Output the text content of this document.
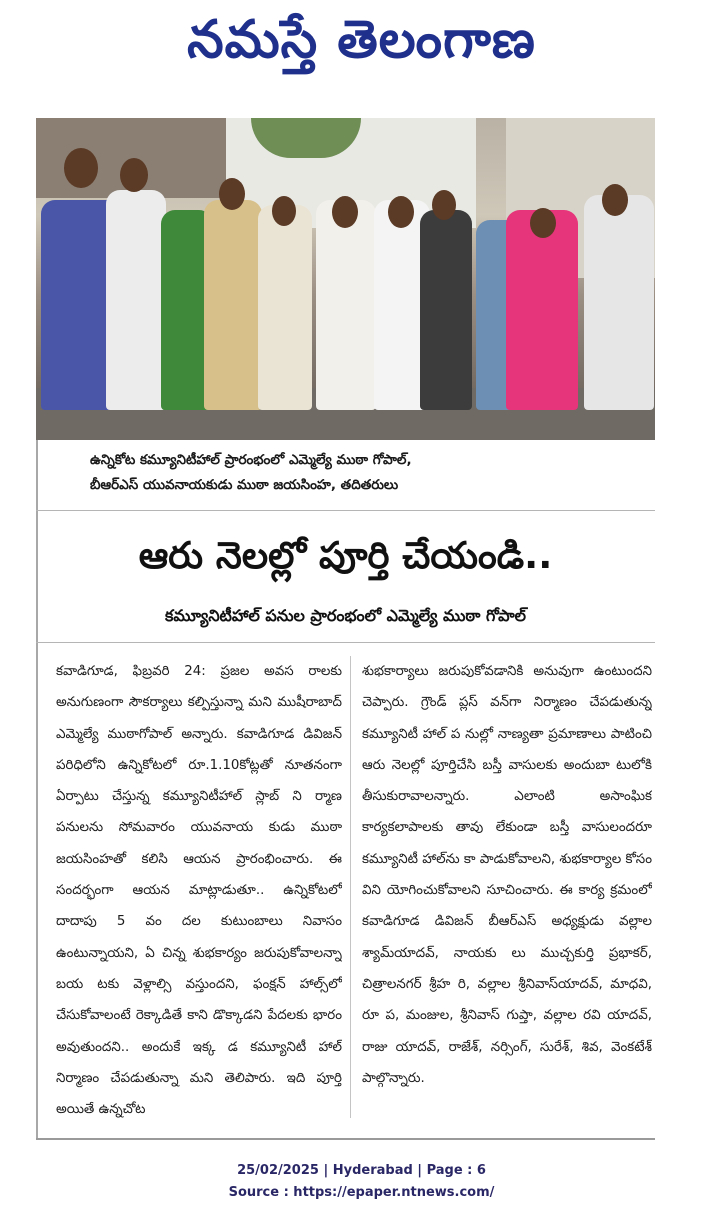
నమస్తే తెలంగాణ
ఉన్నికోట కమ్యూనిటీహాల్ ప్రారంభంలో ఎమ్మెల్యే ముఠా గోపాల్,
బీఆర్ఎస్ యువనాయకుడు ముఠా జయసింహ, తదితరులు
ఆరు నెలల్లో పూర్తి చేయండి..
కమ్యూనిటీహాల్ పనుల ప్రారంభంలో ఎమ్మెల్యే ముఠా గోపాల్
కవాడిగూడ, ఫిబ్రవరి 24: ప్రజల అవస రాలకు అనుగుణంగా సౌకర్యాలు కల్పిస్తున్నా మని ముషీరాబాద్ ఎమ్మెల్యే ముఠాగోపాల్ అన్నారు. కవాడిగూడ డివిజన్ పరిధిలోని ఉన్నికోటలో రూ.1.10కోట్లతో నూతనంగా ఏర్పాటు చేస్తున్న కమ్యూనిటీహాల్ స్లాబ్ ని ర్మాణ పనులను సోమవారం యువనాయ కుడు ముఠా జయసింహతో కలిసి ఆయన ప్రారంభించారు. ఈ సందర్భంగా ఆయన మాట్లాడుతూ.. ఉన్నికోటలో దాదాపు 5 వం దల కుటుంబాలు నివాసం ఉంటున్నాయని, ఏ చిన్న శుభకార్యం జరుపుకోవాలన్నా బయ టకు వెళ్లాల్సి వస్తుందని, ఫంక్షన్ హాల్స్‌లో చేసుకోవాలంటే రెక్కాడితే కాని డొక్కాడని పేదలకు భారం అవుతుందని.. అందుకే ఇక్క డ కమ్యూనిటీ హాల్ నిర్మాణం చేపడుతున్నా మని తెలిపారు. ఇది పూర్తి అయితే ఉన్నచోట
శుభకార్యాలు జరుపుకోవడానికి అనువుగా ఉంటుందని చెప్పారు. గ్రౌండ్ ప్లస్ వన్‌గా నిర్మాణం చేపడుతున్న కమ్యూనిటీ హాల్ ప నుల్లో నాణ్యతా ప్రమాణాలు పాటించి ఆరు నెలల్లో పూర్తిచేసి బస్తీ వాసులకు అందుబా టులోకి తీసుకురావాలన్నారు. ఎలాంటి అసాంఘిక కార్యకలాపాలకు తావు లేకుండా బస్తీ వాసులందరూ కమ్యూనిటీ హాల్‌ను కా పాడుకోవాలని, శుభకార్యాల కోసం విని యోగించుకోవాలని సూచించారు. ఈ కార్య క్రమంలో కవాడిగూడ డివిజన్ బీఆర్ఎస్ అధ్యక్షుడు వల్లాల శ్యామ్‌యాదవ్, నాయకు లు ముచ్చకుర్తి ప్రభాకర్, చిత్రాలనగర్ శ్రీహ రి, వల్లాల శ్రీనివాస్‌యాదవ్, మాధవి, రూ ప, మంజుల, శ్రీనివాస్ గుప్తా, వల్లాల రవి యాదవ్, రాజు యాదవ్, రాజేశ్, నర్సింగ్, సురేశ్, శివ, వెంకటేశ్ పాల్గొన్నారు.
25/02/2025 | Hyderabad | Page : 6
Source : https://epaper.ntnews.com/
